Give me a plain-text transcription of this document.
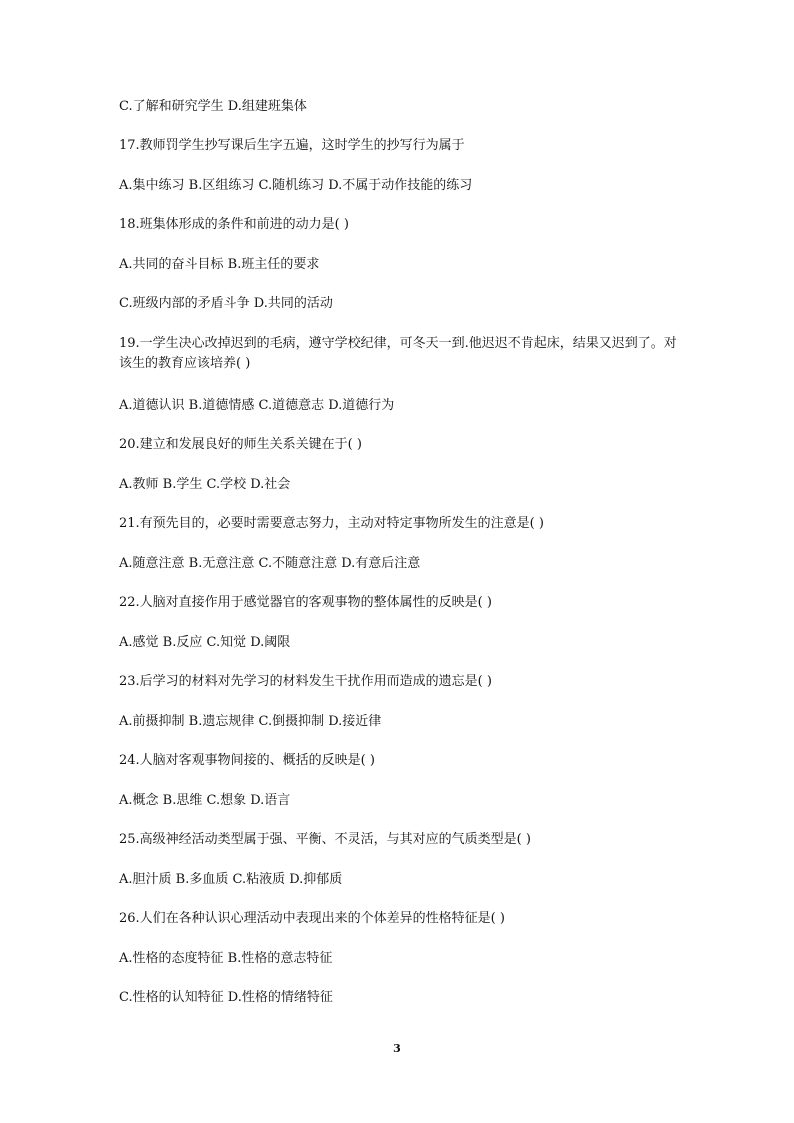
C.了解和研究学生 D.组建班集体
17.教师罚学生抄写课后生字五遍，这时学生的抄写行为属于
A.集中练习 B.区组练习 C.随机练习 D.不属于动作技能的练习
18.班集体形成的条件和前进的动力是( )
A.共同的奋斗目标 B.班主任的要求
C.班级内部的矛盾斗争 D.共同的活动
19.一学生决心改掉迟到的毛病，遵守学校纪律，可冬天一到.他迟迟不肯起床，结果又迟到了。对该生的教育应该培养( )
A.道德认识 B.道德情感 C.道德意志 D.道德行为
20.建立和发展良好的师生关系关键在于( )
A.教师 B.学生 C.学校 D.社会
21.有预先目的，必要时需要意志努力，主动对特定事物所发生的注意是( )
A.随意注意 B.无意注意 C.不随意注意 D.有意后注意
22.人脑对直接作用于感觉器官的客观事物的整体属性的反映是( )
A.感觉 B.反应 C.知觉 D.阈限
23.后学习的材料对先学习的材料发生干扰作用而造成的遗忘是( )
A.前摄抑制 B.遗忘规律 C.倒摄抑制 D.接近律
24.人脑对客观事物间接的、概括的反映是( )
A.概念 B.思维 C.想象 D.语言
25.高级神经活动类型属于强、平衡、不灵活，与其对应的气质类型是( )
A.胆汁质 B.多血质 C.粘液质 D.抑郁质
26.人们在各种认识心理活动中表现出来的个体差异的性格特征是( )
A.性格的态度特征 B.性格的意志特征
C.性格的认知特征 D.性格的情绪特征
3
